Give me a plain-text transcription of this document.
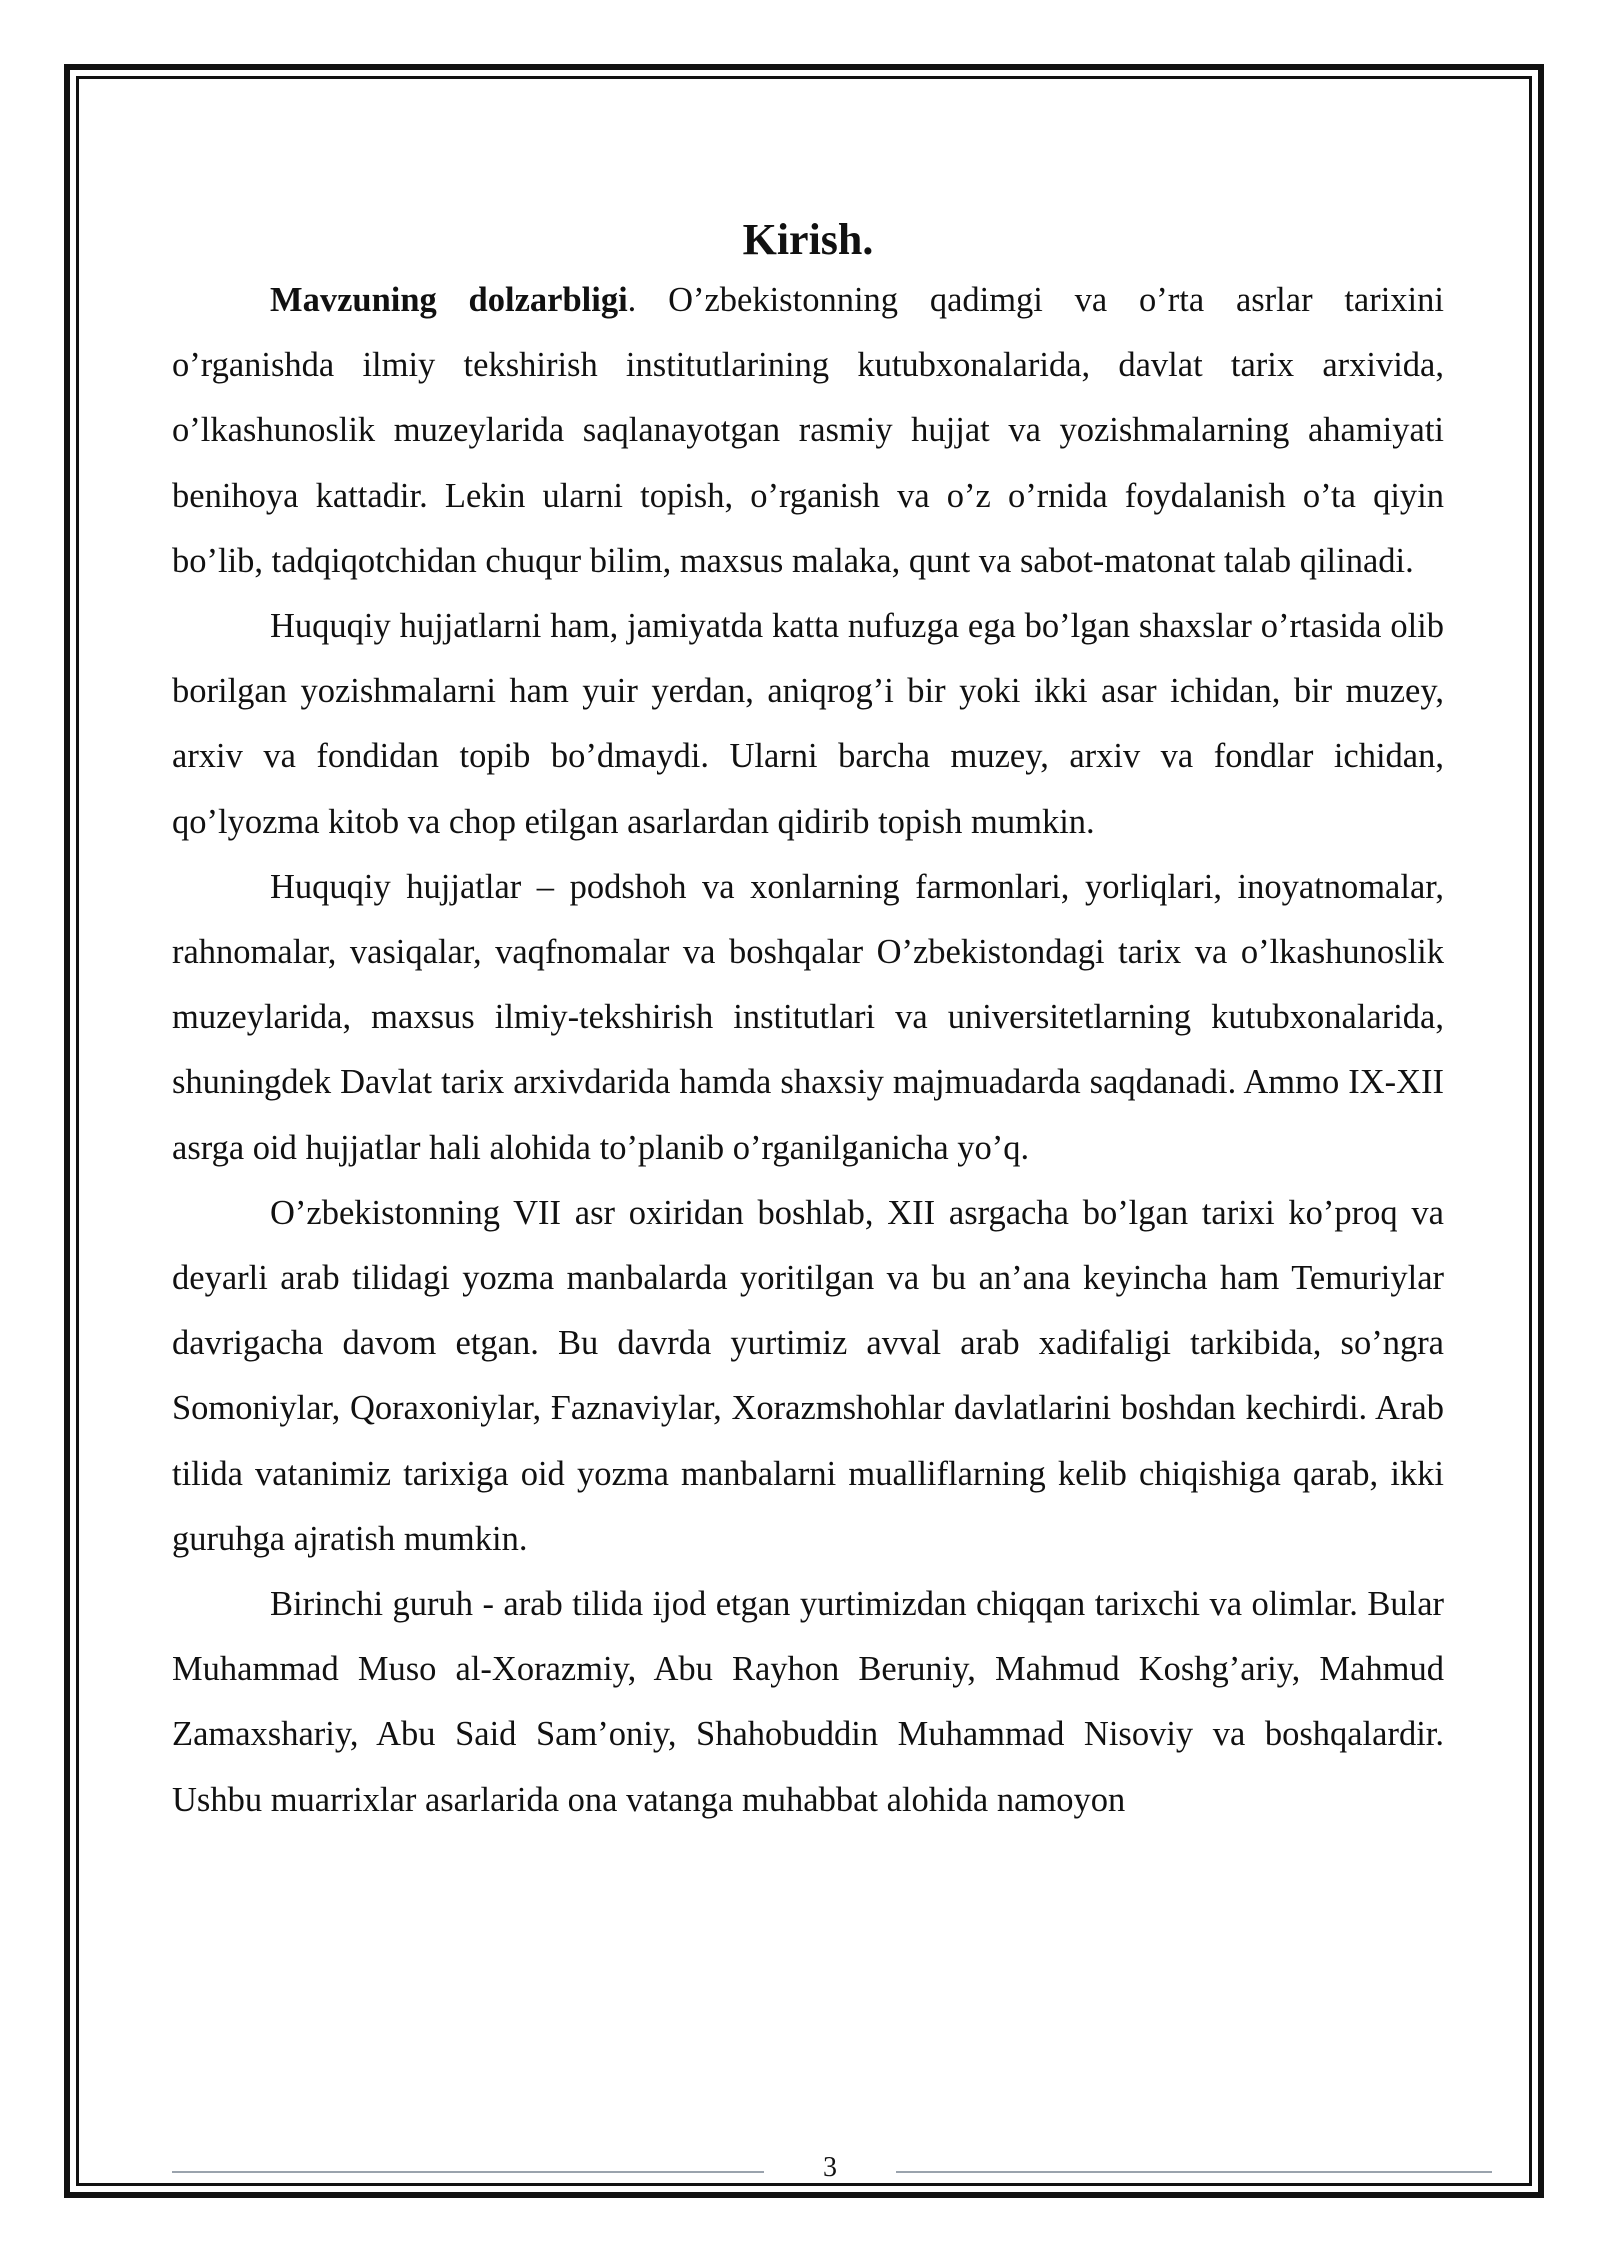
Kirish.

Mavzuning dolzarbligi. O’zbekistonning qadimgi va o’rta asrlar tarixini o’rganishda ilmiy tekshirish institutlarining kutubxonalarida, davlat tarix arxivida, o’lkashunoslik muzeylarida saqlanayotgan rasmiy hujjat va yozishmalarning ahamiyati benihoya kattadir. Lekin ularni topish, o’rganish va o’z o’rnida foydalanish o’ta qiyin bo’lib, tadqiqotchidan chuqur bilim, maxsus malaka, qunt va sabot-matonat talab qilinadi.

Huquqiy hujjatlarni ham, jamiyatda katta nufuzga ega bo’lgan shaxslar o’rtasida olib borilgan yozishmalarni ham yuir yerdan, aniqrog’i bir yoki ikki asar ichidan, bir muzey, arxiv va fondidan topib bo’dmaydi. Ularni barcha muzey, arxiv va fondlar ichidan, qo’lyozma kitob va chop etilgan asarlardan qidirib topish mumkin.

Huquqiy hujjatlar – podshoh va xonlarning farmonlari, yorliqlari, inoyatnomalar, rahnomalar, vasiqalar, vaqfnomalar va boshqalar O’zbekistondagi tarix va o’lkashunoslik muzeylarida, maxsus ilmiy-tekshirish institutlari va universitetlarning kutubxonalarida, shuningdek Davlat tarix arxivdarida hamda shaxsiy majmuadarda saqdanadi. Ammo IX-XII asrga oid hujjatlar hali alohida to’planib o’rganilganicha yo’q.

O’zbekistonning VII asr oxiridan boshlab, XII asrgacha bo’lgan tarixi ko’proq va deyarli arab tilidagi yozma manbalarda yoritilgan va bu an’ana keyincha ham Temuriylar davrigacha davom etgan. Bu davrda yurtimiz avval arab xadifaligi tarkibida, so’ngra Somoniylar, Qoraxoniylar, Ғaznaviylar, Xorazmshohlar davlatlarini boshdan kechirdi. Arab tilida vatanimiz tarixiga oid yozma manbalarni mualliflarning kelib chiqishiga qarab, ikki guruhga ajratish mumkin.

Birinchi guruh - arab tilida ijod etgan yurtimizdan chiqqan tarixchi va olimlar. Bular Muhammad Muso al-Xorazmiy, Abu Rayhon Beruniy, Mahmud Koshg’ariy, Mahmud Zamaxshariy, Abu Said Sam’oniy, Shahobuddin Muhammad Nisoviy va boshqalardir. Ushbu muarrixlar asarlarida ona vatanga muhabbat alohida namoyon

3
